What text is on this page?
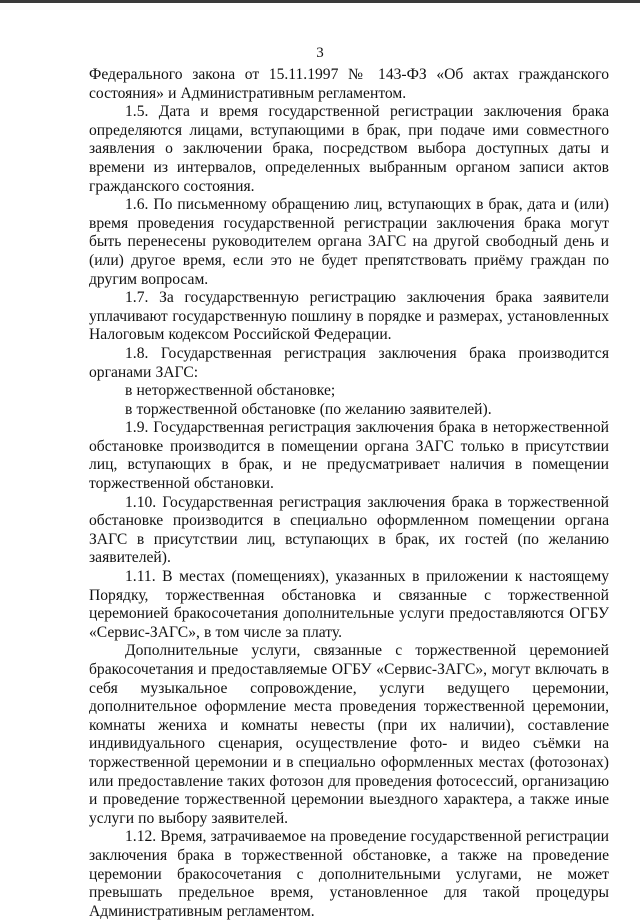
3

Федерального закона от 15.11.1997 № 143-ФЗ «Об актах гражданского состояния» и Административным регламентом.

1.5. Дата и время государственной регистрации заключения брака определяются лицами, вступающими в брак, при подаче ими совместного заявления о заключении брака, посредством выбора доступных даты и времени из интервалов, определенных выбранным органом записи актов гражданского состояния.

1.6. По письменному обращению лиц, вступающих в брак, дата и (или) время проведения государственной регистрации заключения брака могут быть перенесены руководителем органа ЗАГС на другой свободный день и (или) другое время, если это не будет препятствовать приёму граждан по другим вопросам.

1.7. За государственную регистрацию заключения брака заявители уплачивают государственную пошлину в порядке и размерах, установленных Налоговым кодексом Российской Федерации.

1.8. Государственная регистрация заключения брака производится органами ЗАГС:

в неторжественной обстановке;

в торжественной обстановке (по желанию заявителей).

1.9. Государственная регистрация заключения брака в неторжественной обстановке производится в помещении органа ЗАГС только в присутствии лиц, вступающих в брак, и не предусматривает наличия в помещении торжественной обстановки.

1.10. Государственная регистрация заключения брака в торжественной обстановке производится в специально оформленном помещении органа ЗАГС в присутствии лиц, вступающих в брак, их гостей (по желанию заявителей).

1.11. В местах (помещениях), указанных в приложении к настоящему Порядку, торжественная обстановка и связанные с торжественной церемонией бракосочетания дополнительные услуги предоставляются ОГБУ «Сервис-ЗАГС», в том числе за плату.

Дополнительные услуги, связанные с торжественной церемонией бракосочетания и предоставляемые ОГБУ «Сервис-ЗАГС», могут включать в себя музыкальное сопровождение, услуги ведущего церемонии, дополнительное оформление места проведения торжественной церемонии, комнаты жениха и комнаты невесты (при их наличии), составление индивидуального сценария, осуществление фото- и видео съёмки на торжественной церемонии и в специально оформленных местах (фотозонах) или предоставление таких фотозон для проведения фотосессий, организацию и проведение торжественной церемонии выездного характера, а также иные услуги по выбору заявителей.

1.12. Время, затрачиваемое на проведение государственной регистрации заключения брака в торжественной обстановке, а также на проведение церемонии бракосочетания с дополнительными услугами, не может превышать предельное время, установленное для такой процедуры Административным регламентом.
